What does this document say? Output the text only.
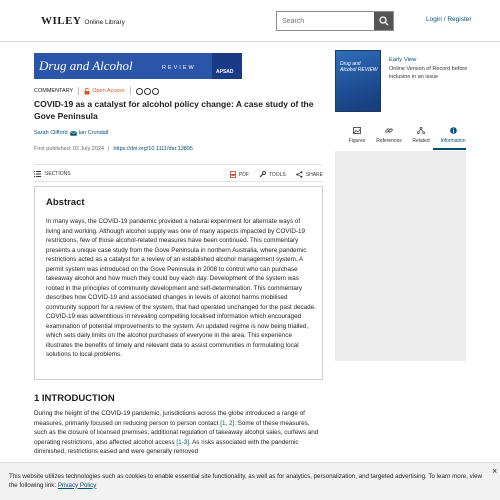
WILEY Online Library
Search	Login / Register
Drug and Alcohol	REVIEW
APSAD
COMMENTARY	Open Access
COVID-19 as a catalyst for alcohol policy change: A case study of the Gove Peninsula
Sarah Clifford Ian Crundall
First published: 02 July 2024 | https://doi.org/10.1111/dar.13895
SECTIONS	PDF	TOOLS	SHARE
Abstract

In many ways, the COVID-19 pandemic provided a natural experiment for alternate ways of living and working. Although alcohol supply was one of many aspects impacted by COVID-19 restrictions, few of those alcohol-related measures have been continued. This commentary presents a unique case study from the Gove Peninsula in northern Australia, where pandemic restrictions acted as a catalyst for a review of an established alcohol management system. A permit system was introduced on the Gove Peninsula in 2008 to control who can purchase takeaway alcohol and how much they could buy each day. Development of the system was rooted in the principles of community development and self-determination. This commentary describes how COVID-19 and associated changes in levels of alcohol harms mobilised community support for a review of the system, that had operated unchanged for the past decade. COVID-19 was adventitious in revealing compelling localised information which encouraged examination of potential improvements to the system. An updated regime is now being trialled, which sets daily limits on the alcohol purchases of everyone in the area. This experience illustrates the benefits of timely and relevant data to assist communities in formulating local solutions to local problems.

1 INTRODUCTION

During the height of the COVID-19 pandemic, jurisdictions across the globe introduced a range of measures, primarily focused on reducing person to person contact [1, 2]. Some of these measures, such as the closure of licensed premises, additional regulation of takeaway alcohol sales, curfews and operating restrictions, also affected alcohol access [1-3]. As risks associated with the pandemic diminished, restrictions eased and were generally removed

Drug and Alcohol REVIEW
Early View

Online Version of Record before inclusion in an issue

Figures References Related Information

This website utilizes technologies such as cookies to enable essential site functionality, as well as for analytics, personalization, and targeted advertising. To learn more, view the following link: Privacy Policy

×
